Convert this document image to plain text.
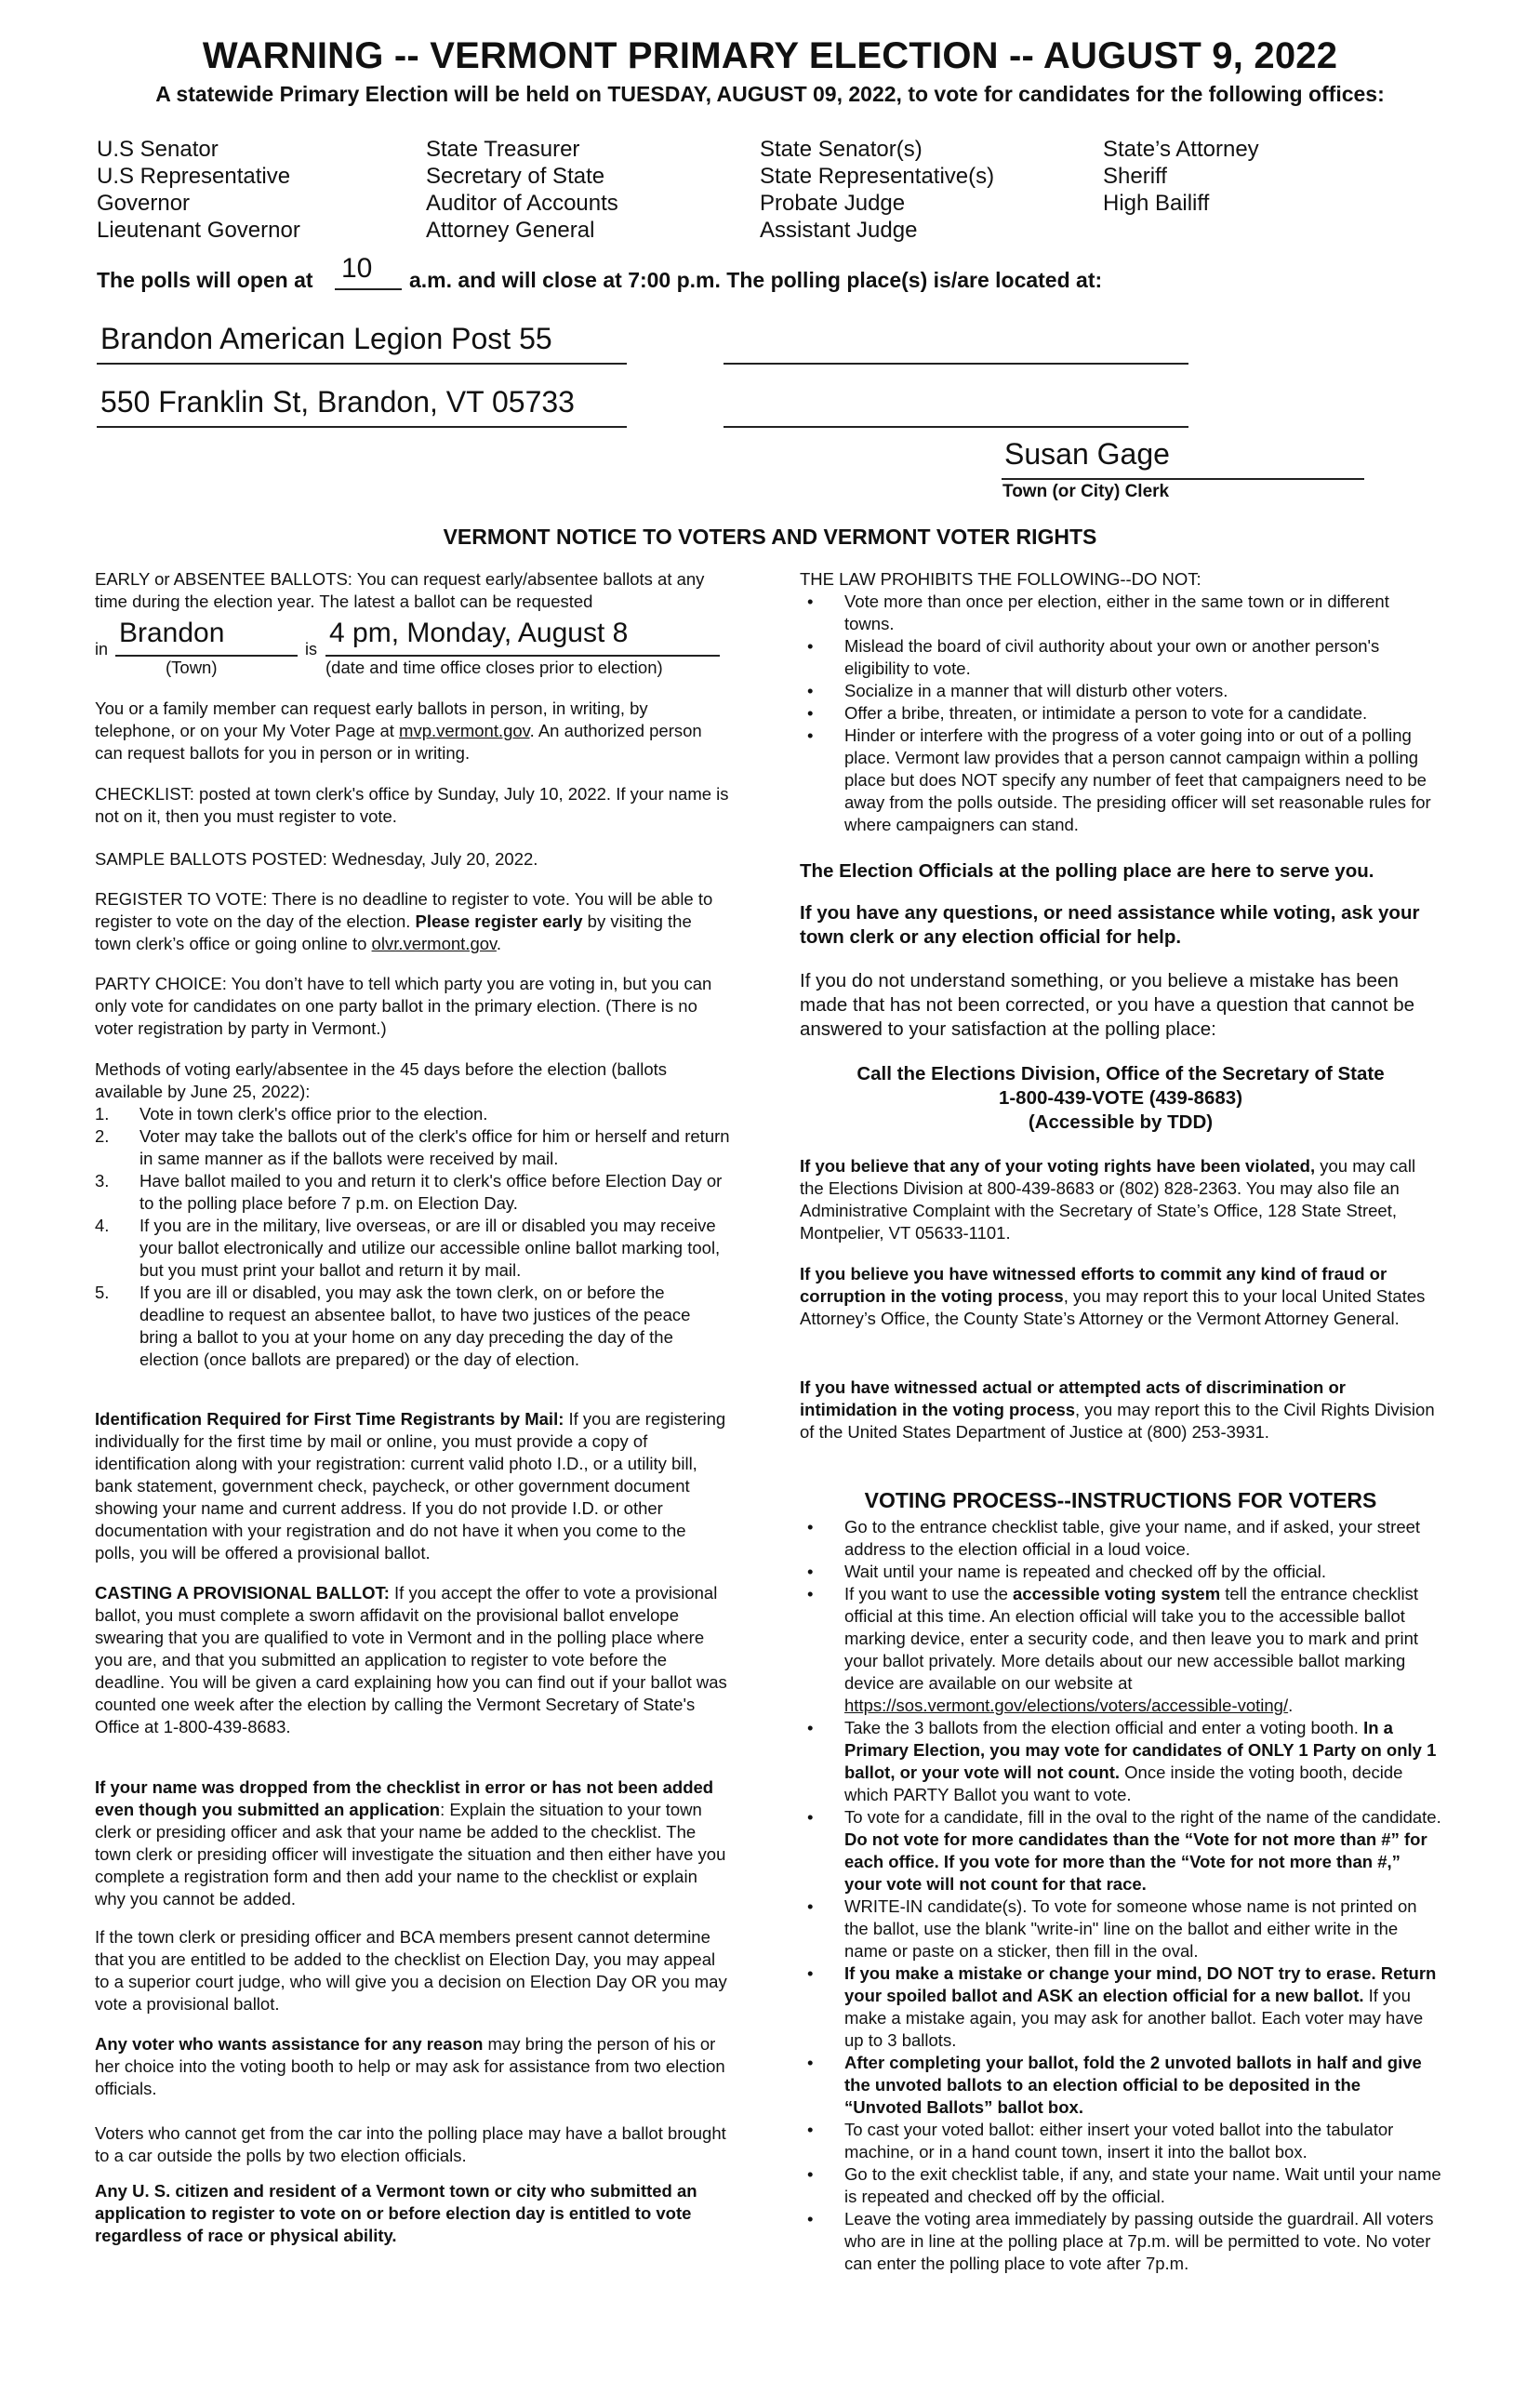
WARNING -- VERMONT PRIMARY ELECTION -- AUGUST 9, 2022
A statewide Primary Election will be held on TUESDAY, AUGUST 09, 2022, to vote for candidates for the following offices:
U.S Senator
U.S Representative
Governor
Lieutenant Governor
State Treasurer
Secretary of State
Auditor of Accounts
Attorney General
State Senator(s)
State Representative(s)
Probate Judge
Assistant Judge
State’s Attorney
Sheriff
High Bailiff
The polls will open at 10 a.m. and will close at 7:00 p.m. The polling place(s) is/are located at:
Brandon American Legion Post 55
550 Franklin St, Brandon, VT 05733
Susan Gage
Town (or City) Clerk
VERMONT NOTICE TO VOTERS AND VERMONT VOTER RIGHTS
EARLY or ABSENTEE BALLOTS: You can request early/absentee ballots at any time during the election year. The latest a ballot can be requested
in
Brandon
is
4 pm, Monday, August 8
(Town)	(date and time office closes prior to election)
You or a family member can request early ballots in person, in writing, by telephone, or on your My Voter Page at mvp.vermont.gov. An authorized person can request ballots for you in person or in writing.
CHECKLIST: posted at town clerk's office by Sunday, July 10, 2022. If your name is not on it, then you must register to vote.
SAMPLE BALLOTS POSTED: Wednesday, July 20, 2022.
REGISTER TO VOTE: There is no deadline to register to vote. You will be able to register to vote on the day of the election. Please register early by visiting the town clerk’s office or going online to olvr.vermont.gov.
PARTY CHOICE: You don’t have to tell which party you are voting in, but you can only vote for candidates on one party ballot in the primary election. (There is no voter registration by party in Vermont.)
Methods of voting early/absentee in the 45 days before the election (ballots available by June 25, 2022):
1. Vote in town clerk's office prior to the election.
2. Voter may take the ballots out of the clerk's office for him or herself and return in same manner as if the ballots were received by mail.
3. Have ballot mailed to you and return it to clerk's office before Election Day or to the polling place before 7 p.m. on Election Day.
4. If you are in the military, live overseas, or are ill or disabled you may receive your ballot electronically and utilize our accessible online ballot marking tool, but you must print your ballot and return it by mail.
5. If you are ill or disabled, you may ask the town clerk, on or before the deadline to request an absentee ballot, to have two justices of the peace bring a ballot to you at your home on any day preceding the day of the election (once ballots are prepared) or the day of election.
Identification Required for First Time Registrants by Mail: If you are registering individually for the first time by mail or online, you must provide a copy of identification along with your registration: current valid photo I.D., or a utility bill, bank statement, government check, paycheck, or other government document showing your name and current address. If you do not provide I.D. or other documentation with your registration and do not have it when you come to the polls, you will be offered a provisional ballot.
CASTING A PROVISIONAL BALLOT: If you accept the offer to vote a provisional ballot, you must complete a sworn affidavit on the provisional ballot envelope swearing that you are qualified to vote in Vermont and in the polling place where you are, and that you submitted an application to register to vote before the deadline. You will be given a card explaining how you can find out if your ballot was counted one week after the election by calling the Vermont Secretary of State's Office at 1-800-439-8683.
If your name was dropped from the checklist in error or has not been added even though you submitted an application: Explain the situation to your town clerk or presiding officer and ask that your name be added to the checklist. The town clerk or presiding officer will investigate the situation and then either have you complete a registration form and then add your name to the checklist or explain why you cannot be added.
If the town clerk or presiding officer and BCA members present cannot determine that you are entitled to be added to the checklist on Election Day, you may appeal to a superior court judge, who will give you a decision on Election Day OR you may vote a provisional ballot.
Any voter who wants assistance for any reason may bring the person of his or her choice into the voting booth to help or may ask for assistance from two election officials.
Voters who cannot get from the car into the polling place may have a ballot brought to a car outside the polls by two election officials.
Any U. S. citizen and resident of a Vermont town or city who submitted an application to register to vote on or before election day is entitled to vote regardless of race or physical ability.
THE LAW PROHIBITS THE FOLLOWING--DO NOT:
• Vote more than once per election, either in the same town or in different towns.
• Mislead the board of civil authority about your own or another person's eligibility to vote.
• Socialize in a manner that will disturb other voters.
• Offer a bribe, threaten, or intimidate a person to vote for a candidate.
• Hinder or interfere with the progress of a voter going into or out of a polling place. Vermont law provides that a person cannot campaign within a polling place but does NOT specify any number of feet that campaigners need to be away from the polls outside. The presiding officer will set reasonable rules for where campaigners can stand.
The Election Officials at the polling place are here to serve you.
If you have any questions, or need assistance while voting, ask your town clerk or any election official for help.
If you do not understand something, or you believe a mistake has been made that has not been corrected, or you have a question that cannot be answered to your satisfaction at the polling place:
Call the Elections Division, Office of the Secretary of State
1-800-439-VOTE (439-8683)
(Accessible by TDD)
If you believe that any of your voting rights have been violated, you may call the Elections Division at 800-439-8683 or (802) 828-2363. You may also file an Administrative Complaint with the Secretary of State’s Office, 128 State Street, Montpelier, VT 05633-1101.
If you believe you have witnessed efforts to commit any kind of fraud or corruption in the voting process, you may report this to your local United States Attorney’s Office, the County State’s Attorney or the Vermont Attorney General.
If you have witnessed actual or attempted acts of discrimination or intimidation in the voting process, you may report this to the Civil Rights Division of the United States Department of Justice at (800) 253-3931.
VOTING PROCESS--INSTRUCTIONS FOR VOTERS
• Go to the entrance checklist table, give your name, and if asked, your street address to the election official in a loud voice.
• Wait until your name is repeated and checked off by the official.
• If you want to use the accessible voting system tell the entrance checklist official at this time. An election official will take you to the accessible ballot marking device, enter a security code, and then leave you to mark and print your ballot privately. More details about our new accessible ballot marking device are available on our website at https://sos.vermont.gov/elections/voters/accessible-voting/.
• Take the 3 ballots from the election official and enter a voting booth. In a Primary Election, you may vote for candidates of ONLY 1 Party on only 1 ballot, or your vote will not count. Once inside the voting booth, decide which PARTY Ballot you want to vote.
• To vote for a candidate, fill in the oval to the right of the name of the candidate. Do not vote for more candidates than the “Vote for not more than #” for each office. If you vote for more than the “Vote for not more than #,” your vote will not count for that race.
• WRITE-IN candidate(s). To vote for someone whose name is not printed on the ballot, use the blank "write-in" line on the ballot and either write in the name or paste on a sticker, then fill in the oval.
• If you make a mistake or change your mind, DO NOT try to erase. Return your spoiled ballot and ASK an election official for a new ballot. If you make a mistake again, you may ask for another ballot. Each voter may have up to 3 ballots.
• After completing your ballot, fold the 2 unvoted ballots in half and give the unvoted ballots to an election official to be deposited in the “Unvoted Ballots” ballot box.
• To cast your voted ballot: either insert your voted ballot into the tabulator machine, or in a hand count town, insert it into the ballot box.
• Go to the exit checklist table, if any, and state your name. Wait until your name is repeated and checked off by the official.
• Leave the voting area immediately by passing outside the guardrail. All voters who are in line at the polling place at 7p.m. will be permitted to vote. No voter can enter the polling place to vote after 7p.m.
